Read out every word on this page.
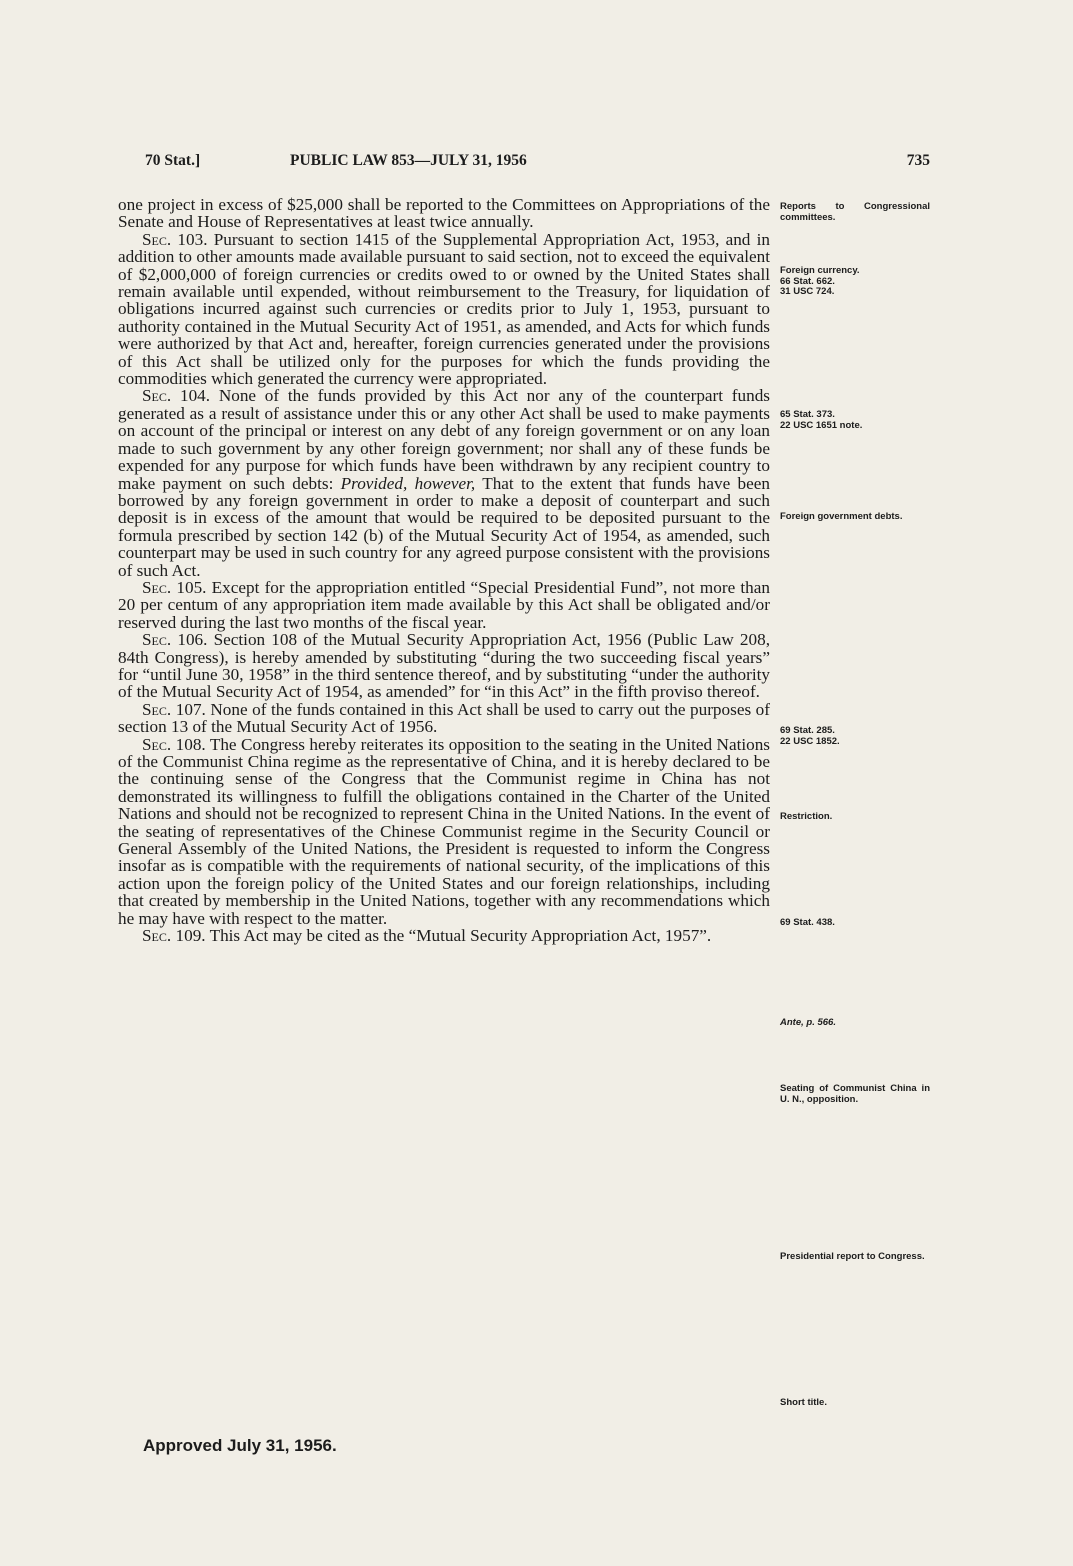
70 Stat.]	PUBLIC LAW 853—JULY 31, 1956	735

one project in excess of $25,000 shall be reported to the Committees on Appropriations of the Senate and House of Representatives at least twice annually.

Sec. 103. Pursuant to section 1415 of the Supplemental Appropriation Act, 1953, and in addition to other amounts made available pursuant to said section, not to exceed the equivalent of $2,000,000 of foreign currencies or credits owed to or owned by the United States shall remain available until expended, without reimbursement to the Treasury, for liquidation of obligations incurred against such currencies or credits prior to July 1, 1953, pursuant to authority contained in the Mutual Security Act of 1951, as amended, and Acts for which funds were authorized by that Act and, hereafter, foreign currencies generated under the provisions of this Act shall be utilized only for the purposes for which the funds providing the commodities which generated the currency were appropriated.

Sec. 104. None of the funds provided by this Act nor any of the counterpart funds generated as a result of assistance under this or any other Act shall be used to make payments on account of the principal or interest on any debt of any foreign government or on any loan made to such government by any other foreign government; nor shall any of these funds be expended for any purpose for which funds have been withdrawn by any recipient country to make payment on such debts: Provided, however, That to the extent that funds have been borrowed by any foreign government in order to make a deposit of counterpart and such deposit is in excess of the amount that would be required to be deposited pursuant to the formula prescribed by section 142 (b) of the Mutual Security Act of 1954, as amended, such counterpart may be used in such country for any agreed purpose consistent with the provisions of such Act.

Sec. 105. Except for the appropriation entitled “Special Presidential Fund”, not more than 20 per centum of any appropriation item made available by this Act shall be obligated and/or reserved during the last two months of the fiscal year.

Sec. 106. Section 108 of the Mutual Security Appropriation Act, 1956 (Public Law 208, 84th Congress), is hereby amended by substituting “during the two succeeding fiscal years” for “until June 30, 1958” in the third sentence thereof, and by substituting “under the authority of the Mutual Security Act of 1954, as amended” for “in this Act” in the fifth proviso thereof.

Sec. 107. None of the funds contained in this Act shall be used to carry out the purposes of section 13 of the Mutual Security Act of 1956.

Sec. 108. The Congress hereby reiterates its opposition to the seating in the United Nations of the Communist China regime as the representative of China, and it is hereby declared to be the continuing sense of the Congress that the Communist regime in China has not demonstrated its willingness to fulfill the obligations contained in the Charter of the United Nations and should not be recognized to represent China in the United Nations. In the event of the seating of representatives of the Chinese Communist regime in the Security Council or General Assembly of the United Nations, the President is requested to inform the Congress insofar as is compatible with the requirements of national security, of the implications of this action upon the foreign policy of the United States and our foreign relationships, including that created by membership in the United Nations, together with any recommendations which he may have with respect to the matter.

Sec. 109. This Act may be cited as the “Mutual Security Appropriation Act, 1957”.

Approved July 31, 1956.
Reports to Congressional committees.
Foreign currency.
66 Stat. 662.
31 USC 724.
65 Stat. 373.
22 USC 1651 note.
Foreign government debts.
69 Stat. 285.
22 USC 1852.
Restriction.
69 Stat. 438.
Ante, p. 566.
Seating of Communist China in U. N., opposition.
Presidential report to Congress.
Short title.
